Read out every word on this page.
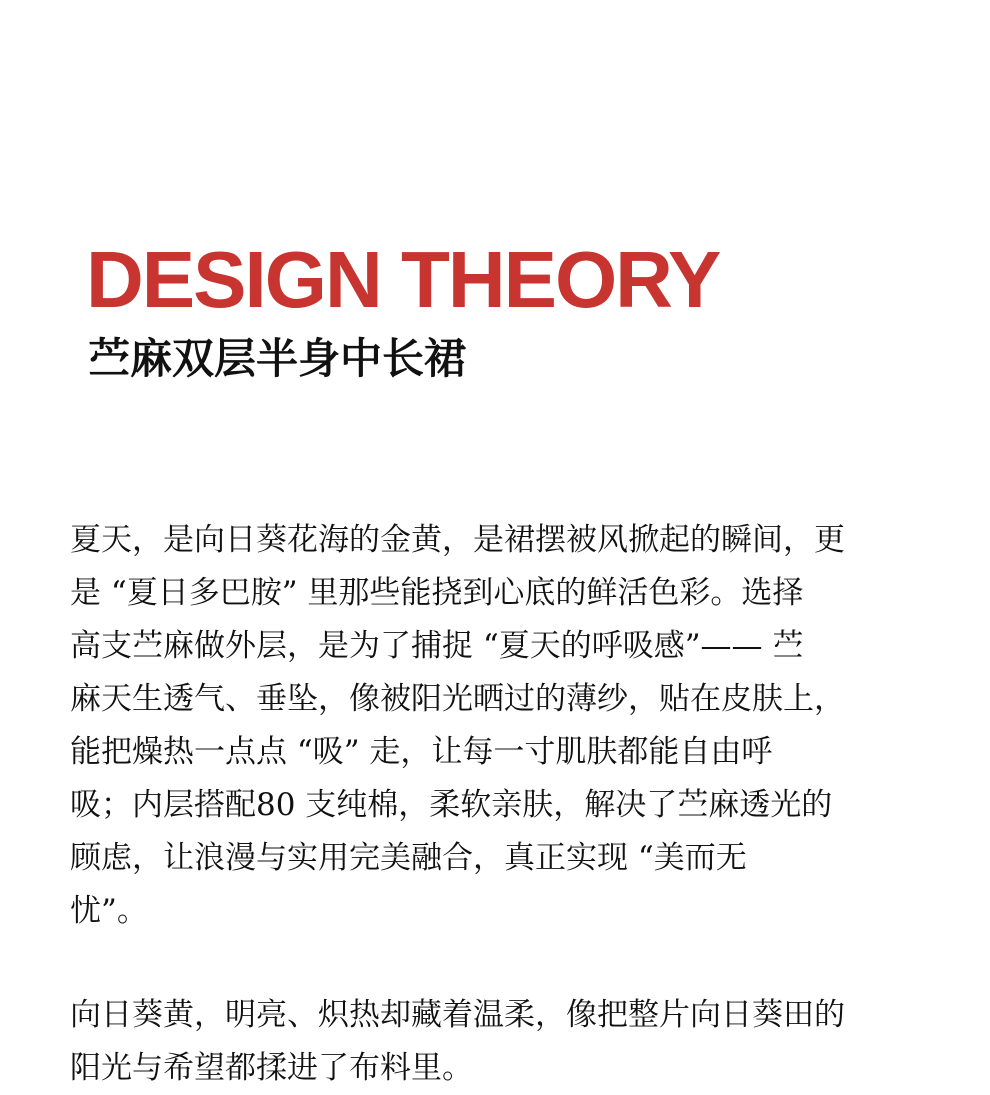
DESIGN THEORY
苎麻双层半身中长裙

夏天，是向日葵花海的金黄，是裙摆被风掀起的瞬间，更
是 “夏日多巴胺” 里那些能挠到心底的鲜活色彩。选择
高支苎麻做外层，是为了捕捉 “夏天的呼吸感”—— 苎
麻天生透气、垂坠，像被阳光晒过的薄纱，贴在皮肤上，
能把燥热一点点 “吸” 走，让每一寸肌肤都能自由呼
吸；内层搭配80 支纯棉，柔软亲肤，解决了苎麻透光的
顾虑，让浪漫与实用完美融合，真正实现 “美而无
忧”。

向日葵黄，明亮、炽热却藏着温柔，像把整片向日葵田的
阳光与希望都揉进了布料里。
